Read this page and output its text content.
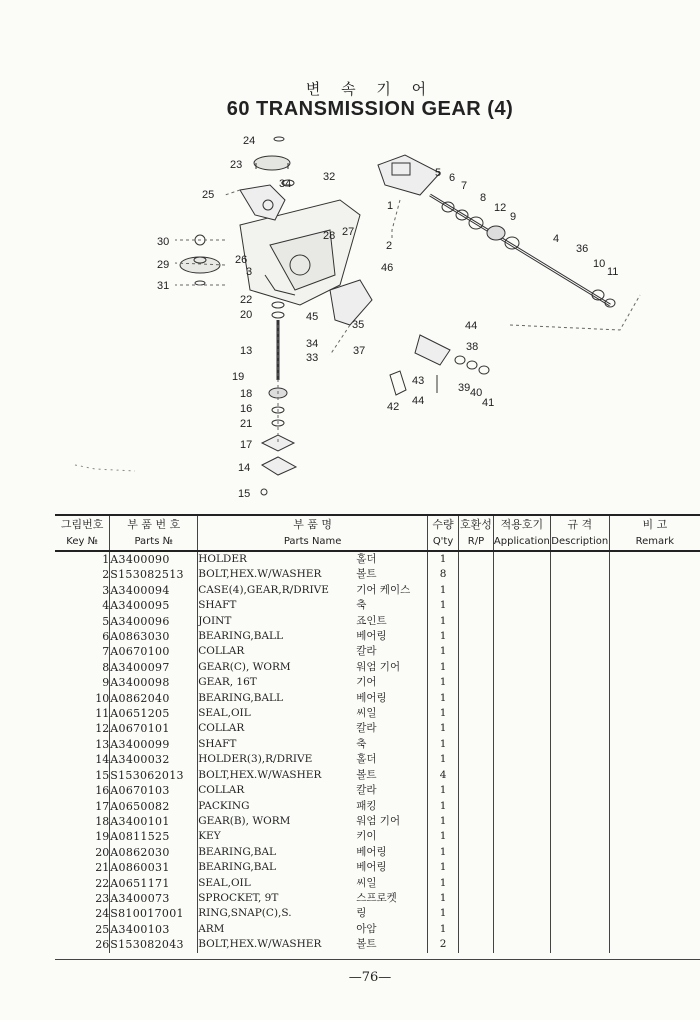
변 속 기 어
60 TRANSMISSION GEAR (4)
1
2
3
4
5 6
7
8
9
10
11
12
13
14
15
16
17
18
19
20
21
22
23
24
25
26
27
28
29
30
31
32
33
34
35
36
37	38
39 40
41
42
43
44
45
46
34
44
그림번호	부 품 번 호	부 품 명	수량	호환성	적용호기	규 격	비 고
Key №	Parts №	Parts Name	Q'ty	R/P	Application	Description	Remark
1	A3400090	HOLDER 홀더	1				
2	S153082513	BOLT,HEX.W/WASHER 볼트	8				
3	A3400094	CASE(4),GEAR,R/DRIVE 기어 케이스	1				
4	A3400095	SHAFT 축	1				
5	A3400096	JOINT 죠인트	1				
6	A0863030	BEARING,BALL 베어링	1				
7	A0670100	COLLAR 칼라	1				
8	A3400097	GEAR(C), WORM 워엄 기어	1				
9	A3400098	GEAR, 16T 기어	1				
10	A0862040	BEARING,BALL 베어링	1				
11	A0651205	SEAL,OIL 씨일	1				
12	A0670101	COLLAR 칼라	1				
13	A3400099	SHAFT 축	1				
14	A3400032	HOLDER(3),R/DRIVE 홀더	1				
15	S153062013	BOLT,HEX.W/WASHER 볼트	4				
16	A0670103	COLLAR 칼라	1				
17	A0650082	PACKING 패킹	1				
18	A3400101	GEAR(B), WORM 워엄 기어	1				
19	A0811525	KEY 키이	1				
20	A0862030	BEARING,BAL 베어링	1				
21	A0860031	BEARING,BAL 베어링	1				
22	A0651171	SEAL,OIL 씨일	1				
23	A3400073	SPROCKET, 9T 스프로켓	1				
24	S810017001	RING,SNAP(C),S. 링	1				
25	A3400103	ARM 아암	1				
26	S153082043	BOLT,HEX.W/WASHER 볼트	2				
—76—
